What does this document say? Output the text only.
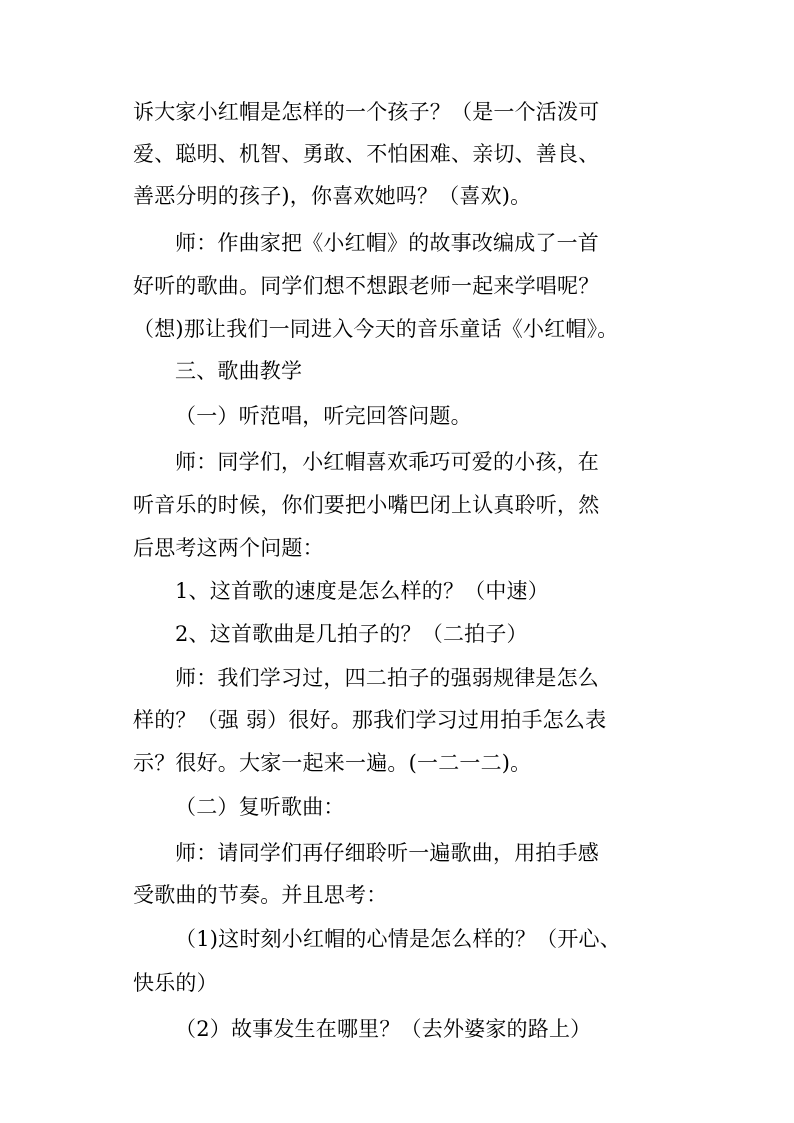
诉大家小红帽是怎样的一个孩子？（是一个活泼可
爱、聪明、机智、勇敢、不怕困难、亲切、善良、
善恶分明的孩子)，你喜欢她吗？（喜欢)。
师：作曲家把《小红帽》的故事改编成了一首
好听的歌曲。同学们想不想跟老师一起来学唱呢？
（想)那让我们一同进入今天的音乐童话《小红帽》。
三、歌曲教学
（一）听范唱，听完回答问题。
师：同学们，小红帽喜欢乖巧可爱的小孩，在
听音乐的时候，你们要把小嘴巴闭上认真聆听，然
后思考这两个问题：
1、这首歌的速度是怎么样的？（中速）
2、这首歌曲是几拍子的？（二拍子）
师：我们学习过，四二拍子的强弱规律是怎么
样的？（强 弱）很好。那我们学习过用拍手怎么表
示？很好。大家一起来一遍。(一二一二)。
（二）复听歌曲：
师：请同学们再仔细聆听一遍歌曲，用拍手感
受歌曲的节奏。并且思考：
（1)这时刻小红帽的心情是怎么样的？（开心、
快乐的）
（2）故事发生在哪里？（去外婆家的路上）
